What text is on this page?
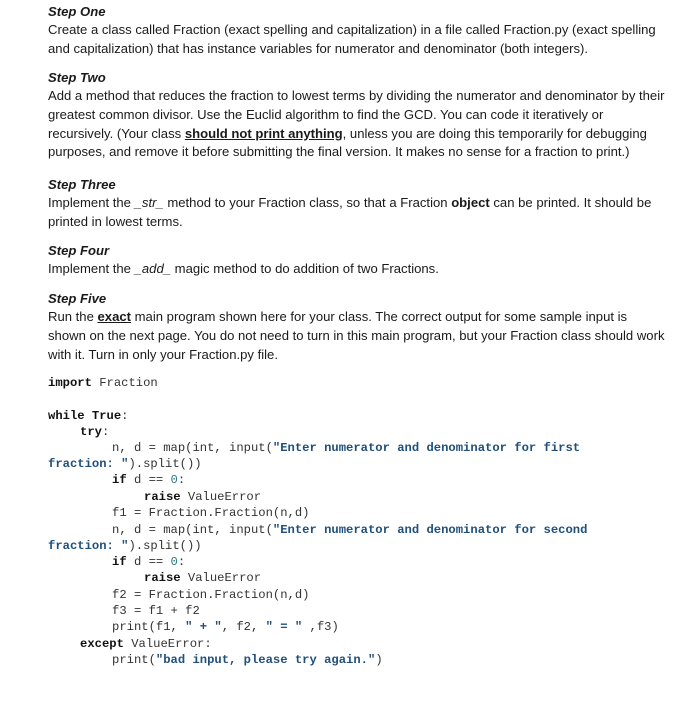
Step One

Create a class called Fraction (exact spelling and capitalization) in a file called Fraction.py (exact spelling and capitalization) that has instance variables for numerator and denominator (both integers).

Step Two

Add a method that reduces the fraction to lowest terms by dividing the numerator and denominator by their greatest common divisor. Use the Euclid algorithm to find the GCD. You can code it iteratively or recursively. (Your class should not print anything, unless you are doing this temporarily for debugging purposes, and remove it before submitting the final version. It makes no sense for a fraction to print.)

Step Three

Implement the _str_ method to your Fraction class, so that a Fraction object can be printed. It should be printed in lowest terms.

Step Four

Implement the _add_ magic method to do addition of two Fractions.

Step Five

Run the exact main program shown here for your class. The correct output for some sample input is shown on the next page. You do not need to turn in this main program, but your Fraction class should work with it. Turn in only your Fraction.py file.

import Fraction
while True:
try:
n, d = map(int, input("Enter numerator and denominator for first
fraction: ").split())
if d == 0:
raise ValueError
f1 = Fraction.Fraction(n,d)
n, d = map(int, input("Enter numerator and denominator for second
fraction: ").split())
if d == 0:
raise ValueError
f2 = Fraction.Fraction(n,d)
f3 = f1 + f2
print(f1, " + ", f2, " = " ,f3)
except ValueError:
print("bad input, please try again.")
